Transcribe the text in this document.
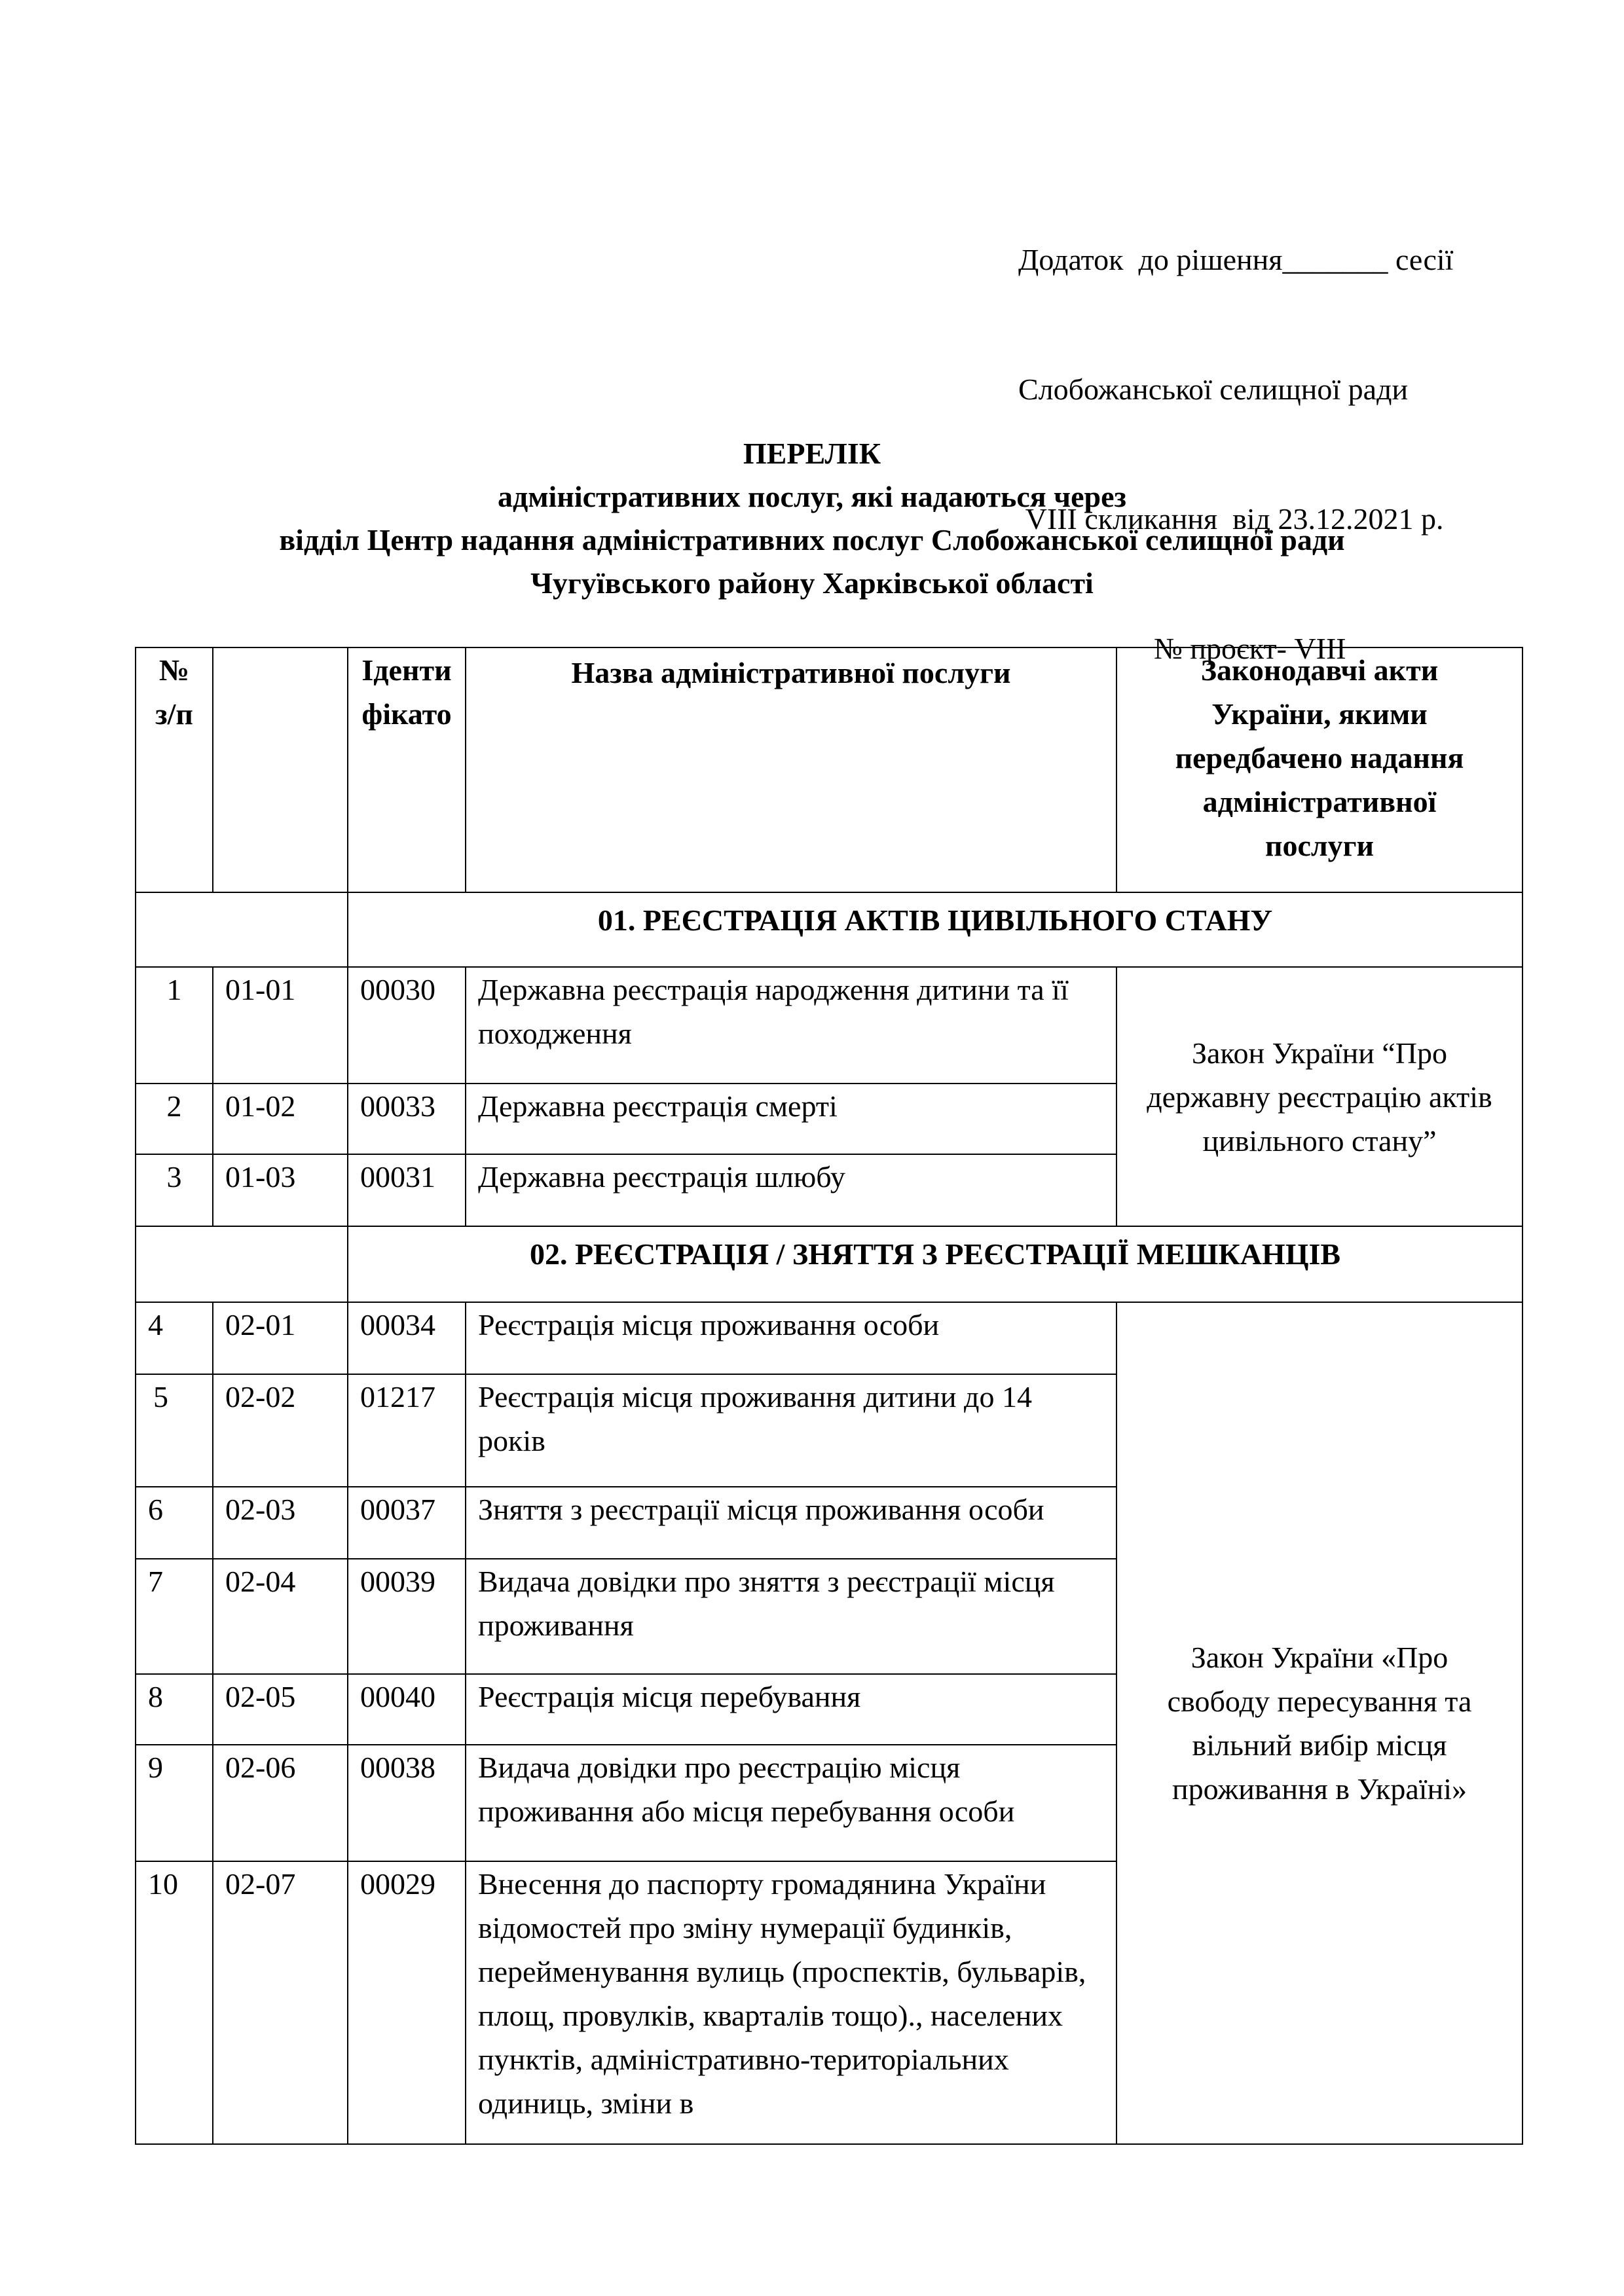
Додаток  до рішення_______ сесії

Слобожанської селищної ради

VIII скликання  від 23.12.2021 р.

№ проєкт- VIII

ПЕРЕЛІК
адміністративних послуг, які надаються через
відділ Центр надання адміністративних послуг Слобожанської селищної ради
Чугуївського району Харківської області
№ з/п		Ідентифікато	Назва адміністративної послуги	Законодавчі акти України, якими передбачено надання адміністративної послуги
		01. РЕЄСТРАЦІЯ АКТІВ ЦИВІЛЬНОГО СТАНУ		
1	01-01	00030	Державна реєстрація народження дитини та її походження	Закон України “Про державну реєстрацію актів цивільного стану”
2	01-02	00033	Державна реєстрація смерті	
3	01-03	00031	Державна реєстрація шлюбу	
		02. РЕЄСТРАЦІЯ / ЗНЯТТЯ З РЕЄСТРАЦІЇ МЕШКАНЦІВ		
4	02-01	00034	Реєстрація місця проживання особи	Закон України «Про свободу пересування та вільний вибір місця проживання в Україні»
5	02-02	01217	Реєстрація місця проживання дитини до 14 років	
6	02-03	00037	Зняття з реєстрації місця проживання особи	
7	02-04	00039	Видача довідки про зняття з реєстрації місця проживання	
8	02-05	00040	Реєстрація місця перебування	
9	02-06	00038	Видача довідки про реєстрацію місця проживання або місця перебування особи	
10	02-07	00029	Внесення до паспорту громадянина України відомостей про зміну нумерації будинків, перейменування вулиць (проспектів, бульварів, площ, провулків, кварталів тощо)., населених пунктів, адміністративно-територіальних одиниць, зміни в	
